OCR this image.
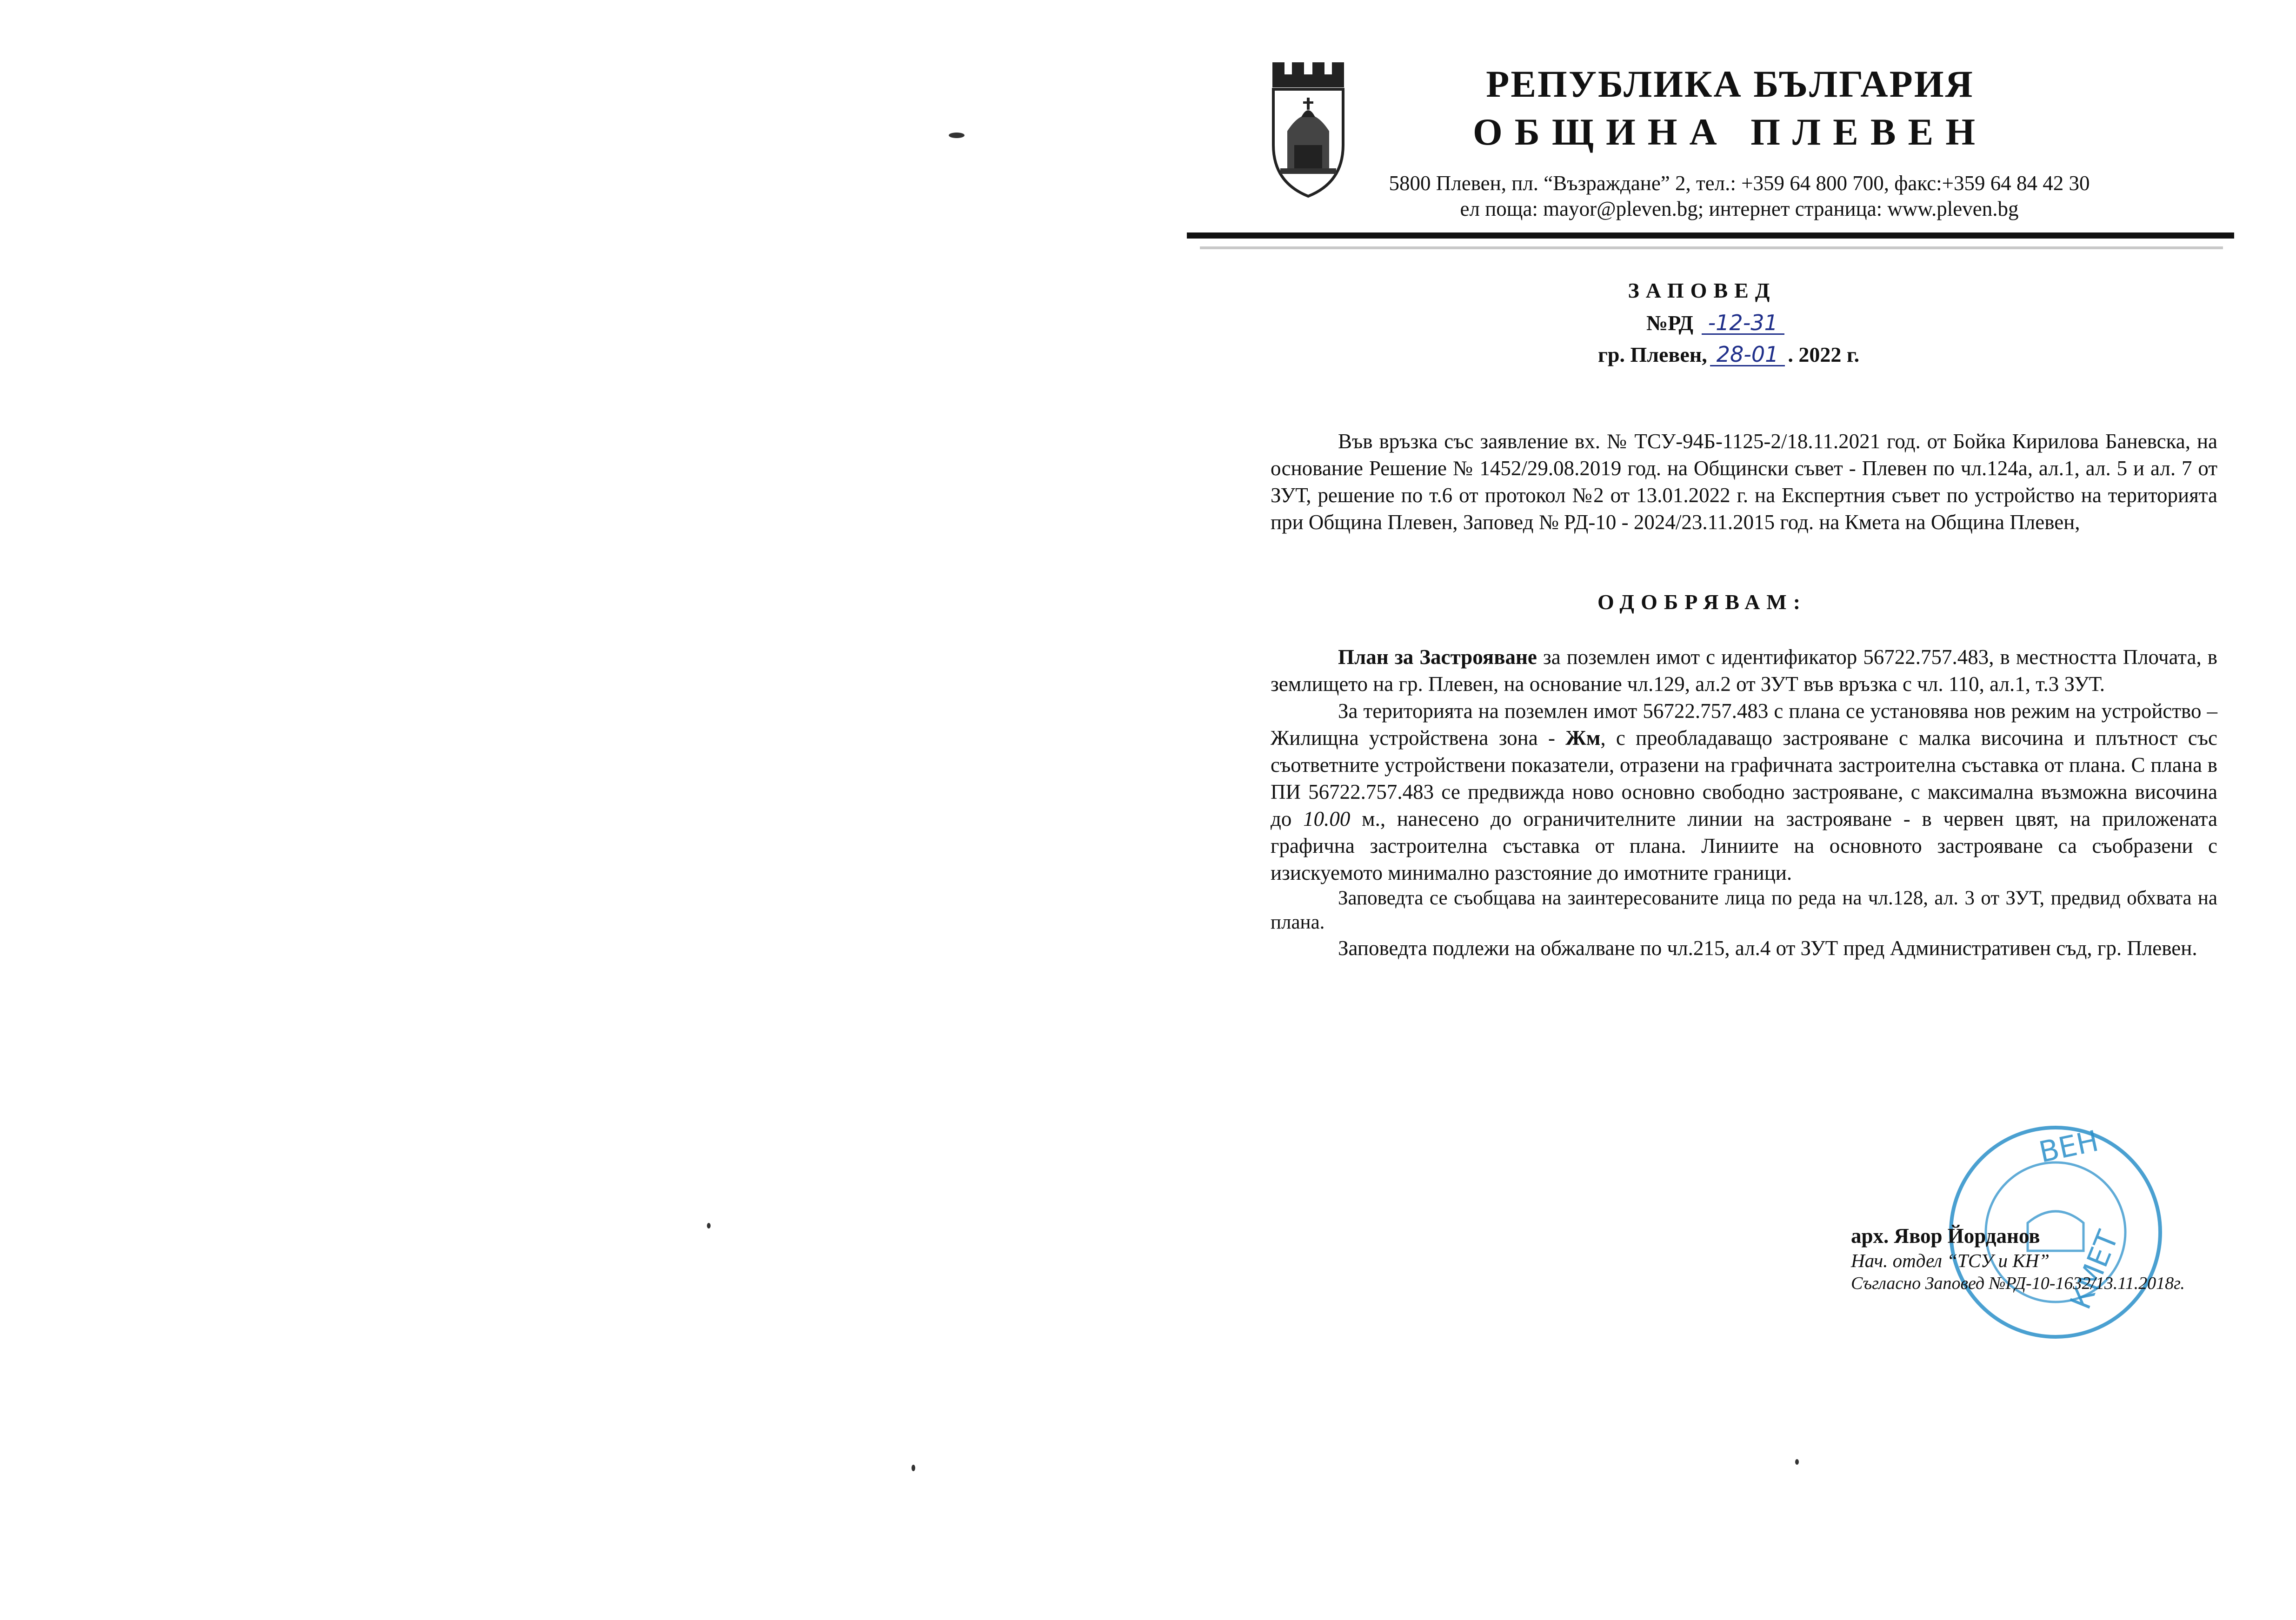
РЕПУБЛИКА БЪЛГАРИЯ
ОБЩИНА ПЛЕВЕН
5800 Плевен, пл. “Възраждане” 2, тел.: +359 64 800 700, факс:+359 64 84 42 30
ел поща: mayor@pleven.bg; интернет страница: www.pleven.bg
ЗАПОВЕД
№РД -12-31
гр. Плевен, 28-01 . 2022 г.

Във връзка със заявление вх. № ТСУ-94Б-1125-2/18.11.2021 год. от Бойка Кирилова Баневска, на основание Решение № 1452/29.08.2019 год. на Общински съвет - Плевен по чл.124а, ал.1, ал. 5 и ал. 7 от ЗУТ, решение по т.6 от протокол №2 от 13.01.2022 г. на Експертния съвет по устройство на територията при Община Плевен, Заповед № РД-10 - 2024/23.11.2015 год. на Кмета на Община Плевен,

ОДОБРЯВАМ:

План за Застрояване за поземлен имот с идентификатор 56722.757.483, в местността Плочата, в землището на гр. Плевен, на основание чл.129, ал.2 от ЗУТ във връзка с чл. 110, ал.1, т.3 ЗУТ.

За територията на поземлен имот 56722.757.483 с плана се установява нов режим на устройство – Жилищна устройствена зона - Жм, с преобладаващо застрояване с малка височина и плътност със съответните устройствени показатели, отразени на графичната застроителна съставка от плана. С плана в ПИ 56722.757.483 се предвижда ново основно свободно застрояване, с максимална възможна височина до 10.00 м., нанесено до ограничителните линии на застрояване - в червен цвят, на приложената графична застроителна съставка от плана. Линиите на основното застрояване са съобразени с изискуемото минимално разстояние до имотните граници.

Заповедта се съобщава на заинтересованите лица по реда на чл.128, ал. 3 от ЗУТ, предвид обхвата на плана.

Заповедта подлежи на обжалване по чл.215, ал.4 от ЗУТ пред Административен съд, гр. Плевен.

ВЕН
КМЕТ
арх. Явор Йорданов
Нач. отдел “ТСУ и КН”
Съгласно Заповед №РД-10-1632/13.11.2018г.
